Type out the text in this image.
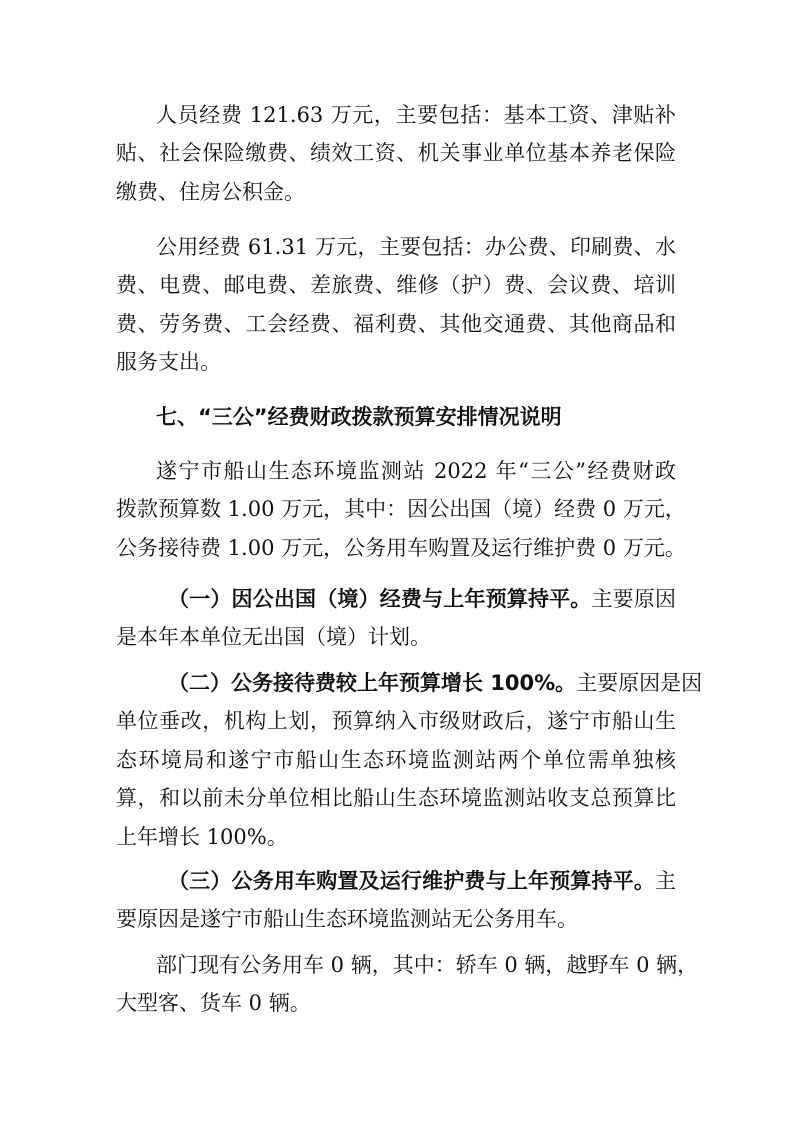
人员经费 121.63 万元，主要包括：基本工资、津贴补
贴、社会保险缴费、绩效工资、机关事业单位基本养老保险
缴费、住房公积金。
公用经费 61.31 万元，主要包括：办公费、印刷费、水
费、电费、邮电费、差旅费、维修（护）费、会议费、培训
费、劳务费、工会经费、福利费、其他交通费、其他商品和
服务支出。
七、“三公”经费财政拨款预算安排情况说明
遂宁市船山生态环境监测站 2022 年“三公”经费财政
拨款预算数 1.00 万元，其中：因公出国（境）经费 0 万元，
公务接待费 1.00 万元，公务用车购置及运行维护费 0 万元。
（一）因公出国（境）经费与上年预算持平。主要原因
是本年本单位无出国（境）计划。
（二）公务接待费较上年预算增长 100%。主要原因是因
单位垂改，机构上划，预算纳入市级财政后，遂宁市船山生
态环境局和遂宁市船山生态环境监测站两个单位需单独核
算，和以前未分单位相比船山生态环境监测站收支总预算比
上年增长 100%。
（三）公务用车购置及运行维护费与上年预算持平。主
要原因是遂宁市船山生态环境监测站无公务用车。
部门现有公务用车 0 辆，其中：轿车 0 辆，越野车 0 辆，
大型客、货车 0 辆。
